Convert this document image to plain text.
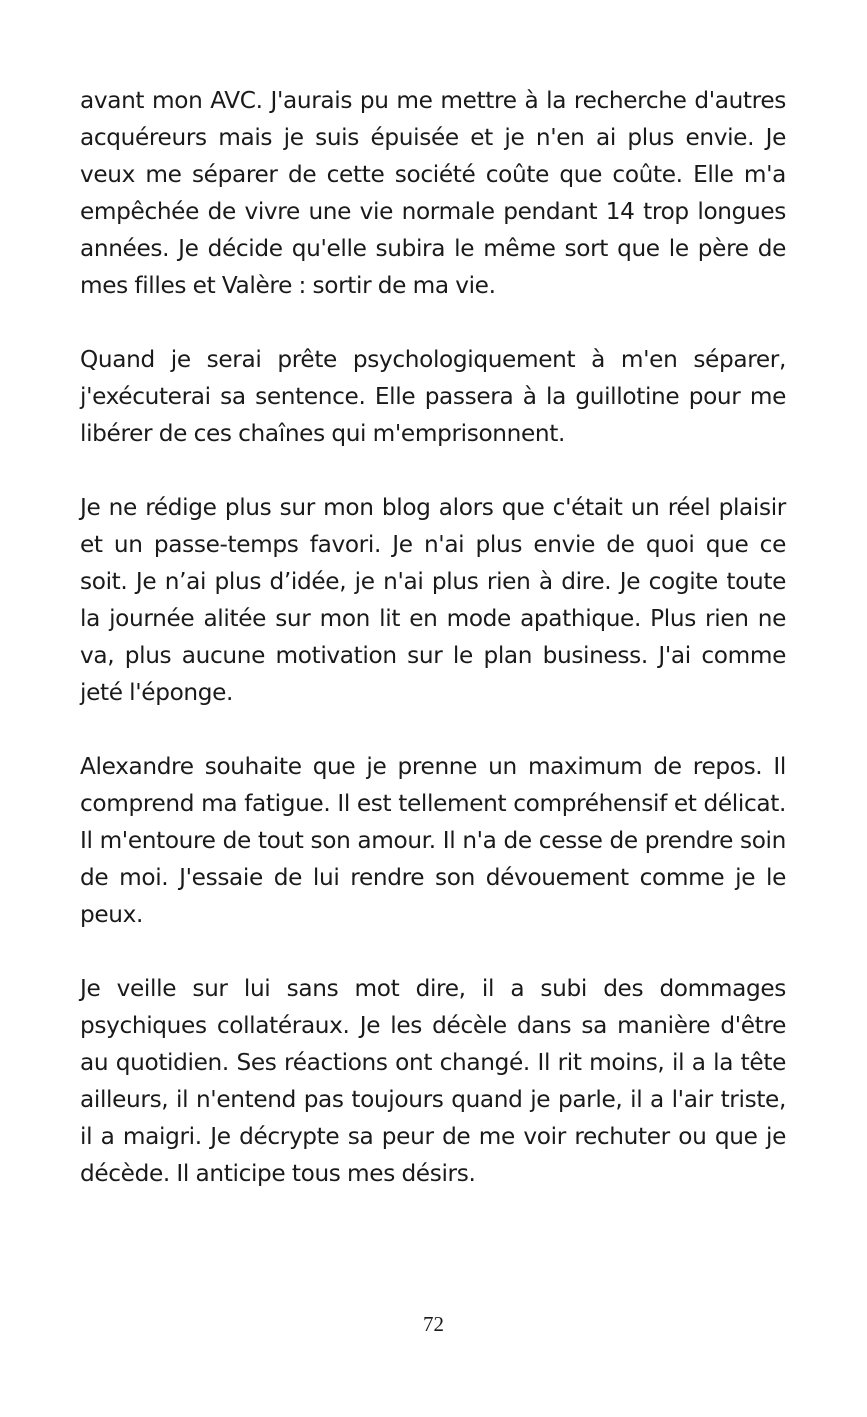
avant mon AVC. J'aurais pu me mettre à la recherche d'autres acquéreurs mais je suis épuisée et je n'en ai plus envie. Je veux me séparer de cette société coûte que coûte. Elle m'a empêchée de vivre une vie normale pendant 14 trop longues années. Je décide qu'elle subira le même sort que le père de mes filles et Valère : sortir de ma vie.

Quand je serai prête psychologiquement à m'en séparer, j'exécuterai sa sentence. Elle passera à la guillotine pour me libérer de ces chaînes qui m'emprisonnent.

Je ne rédige plus sur mon blog alors que c'était un réel plaisir et un passe-temps favori. Je n'ai plus envie de quoi que ce soit. Je n’ai plus d’idée, je n'ai plus rien à dire. Je cogite toute la journée alitée sur mon lit en mode apathique. Plus rien ne va, plus aucune motivation sur le plan business. J'ai comme jeté l'éponge.

Alexandre souhaite que je prenne un maximum de repos. Il comprend ma fatigue. Il est tellement compréhensif et délicat. Il m'entoure de tout son amour. Il n'a de cesse de prendre soin de moi. J'essaie de lui rendre son dévouement comme je le peux.

Je veille sur lui sans mot dire, il a subi des dommages psychiques collatéraux. Je les décèle dans sa manière d'être au quotidien. Ses réactions ont changé. Il rit moins, il a la tête ailleurs, il n'entend pas toujours quand je parle, il a l'air triste, il a maigri. Je décrypte sa peur de me voir rechuter ou que je décède. Il anticipe tous mes désirs.

72
